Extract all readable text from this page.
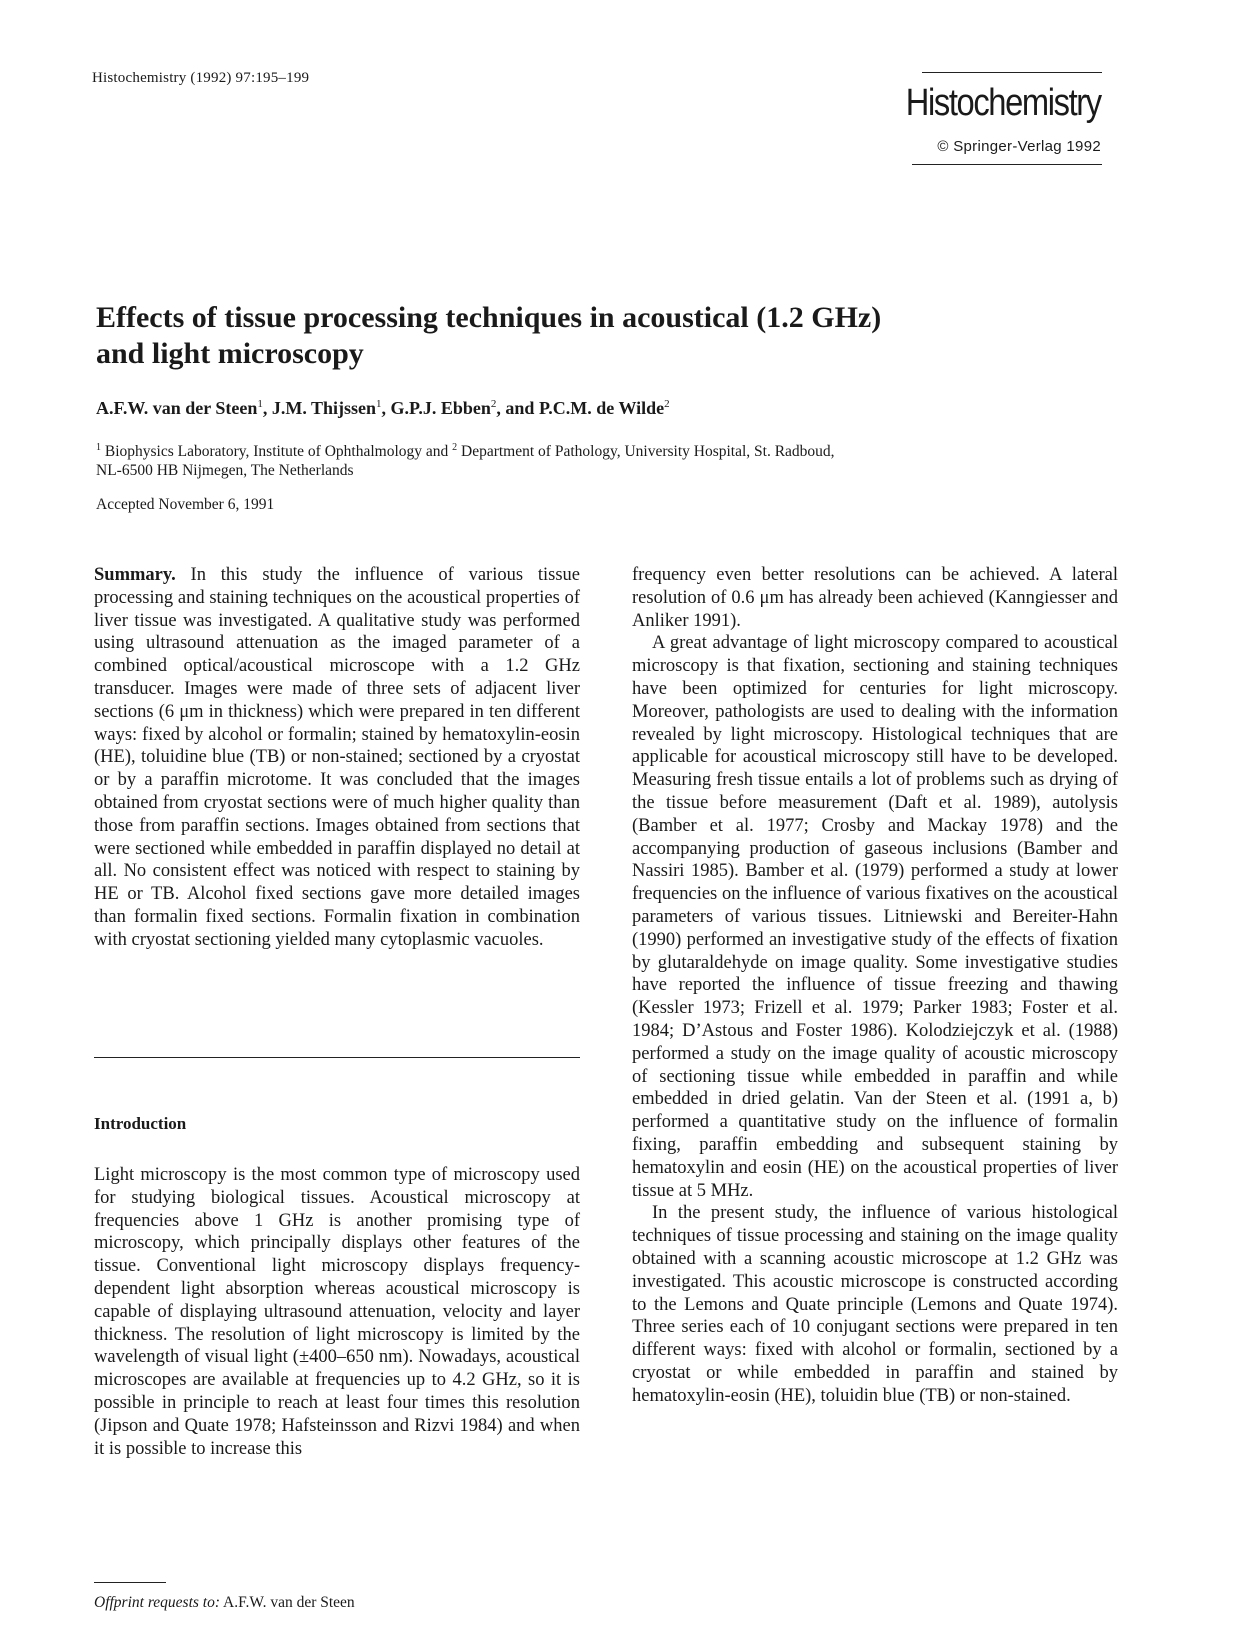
Histochemistry (1992) 97:195–199
Histochemistry
© Springer-Verlag 1992
Effects of tissue processing techniques in acoustical (1.2 GHz)
and light microscopy
A.F.W. van der Steen$^1$, J.M. Thijssen$^1$, G.P.J. Ebben$^2$, and P.C.M. de Wilde$^2$
$^1$ Biophysics Laboratory, Institute of Ophthalmology and $^2$ Department of Pathology, University Hospital, St. Radboud,
NL-6500 HB Nijmegen, The Netherlands
Accepted November 6, 1991

Summary. In this study the influence of various tissue processing and staining techniques on the acoustical properties of liver tissue was investigated. A qualitative study was performed using ultrasound attenuation as the imaged parameter of a combined optical/acoustical microscope with a 1.2 GHz transducer. Images were made of three sets of adjacent liver sections (6 μm in thickness) which were prepared in ten different ways: fixed by alcohol or formalin; stained by hematoxylin-eosin (HE), toluidine blue (TB) or non-stained; sectioned by a cryostat or by a paraffin microtome. It was concluded that the images obtained from cryostat sections were of much higher quality than those from paraffin sections. Images obtained from sections that were sectioned while embedded in paraffin displayed no detail at all. No consistent effect was noticed with respect to staining by HE or TB. Alcohol fixed sections gave more detailed images than formalin fixed sections. Formalin fixation in combination with cryostat sectioning yielded many cytoplasmic vacuoles.

Introduction

Light microscopy is the most common type of microscopy used for studying biological tissues. Acoustical microscopy at frequencies above 1 GHz is another promising type of microscopy, which principally displays other features of the tissue. Conventional light microscopy displays frequency-dependent light absorption whereas acoustical microscopy is capable of displaying ultrasound attenuation, velocity and layer thickness. The resolution of light microscopy is limited by the wavelength of visual light (±400–650 nm). Nowadays, acoustical microscopes are available at frequencies up to 4.2 GHz, so it is possible in principle to reach at least four times this resolution (Jipson and Quate 1978; Hafsteinsson and Rizvi 1984) and when it is possible to increase this

Offprint requests to: A.F.W. van der Steen

frequency even better resolutions can be achieved. A lateral resolution of 0.6 μm has already been achieved (Kanngiesser and Anliker 1991).

A great advantage of light microscopy compared to acoustical microscopy is that fixation, sectioning and staining techniques have been optimized for centuries for light microscopy. Moreover, pathologists are used to dealing with the information revealed by light microscopy. Histological techniques that are applicable for acoustical microscopy still have to be developed. Measuring fresh tissue entails a lot of problems such as drying of the tissue before measurement (Daft et al. 1989), autolysis (Bamber et al. 1977; Crosby and Mackay 1978) and the accompanying production of gaseous inclusions (Bamber and Nassiri 1985). Bamber et al. (1979) performed a study at lower frequencies on the influence of various fixatives on the acoustical parameters of various tissues. Litniewski and Bereiter-Hahn (1990) performed an investigative study of the effects of fixation by glutaraldehyde on image quality. Some investigative studies have reported the influence of tissue freezing and thawing (Kessler 1973; Frizell et al. 1979; Parker 1983; Foster et al. 1984; D’Astous and Foster 1986). Kolodziejczyk et al. (1988) performed a study on the image quality of acoustic microscopy of sectioning tissue while embedded in paraffin and while embedded in dried gelatin. Van der Steen et al. (1991 a, b) performed a quantitative study on the influence of formalin fixing, paraffin embedding and subsequent staining by hematoxylin and eosin (HE) on the acoustical properties of liver tissue at 5 MHz.

In the present study, the influence of various histological techniques of tissue processing and staining on the image quality obtained with a scanning acoustic microscope at 1.2 GHz was investigated. This acoustic microscope is constructed according to the Lemons and Quate principle (Lemons and Quate 1974). Three series each of 10 conjugant sections were prepared in ten different ways: fixed with alcohol or formalin, sectioned by a cryostat or while embedded in paraffin and stained by hematoxylin-eosin (HE), toluidin blue (TB) or non-stained.
